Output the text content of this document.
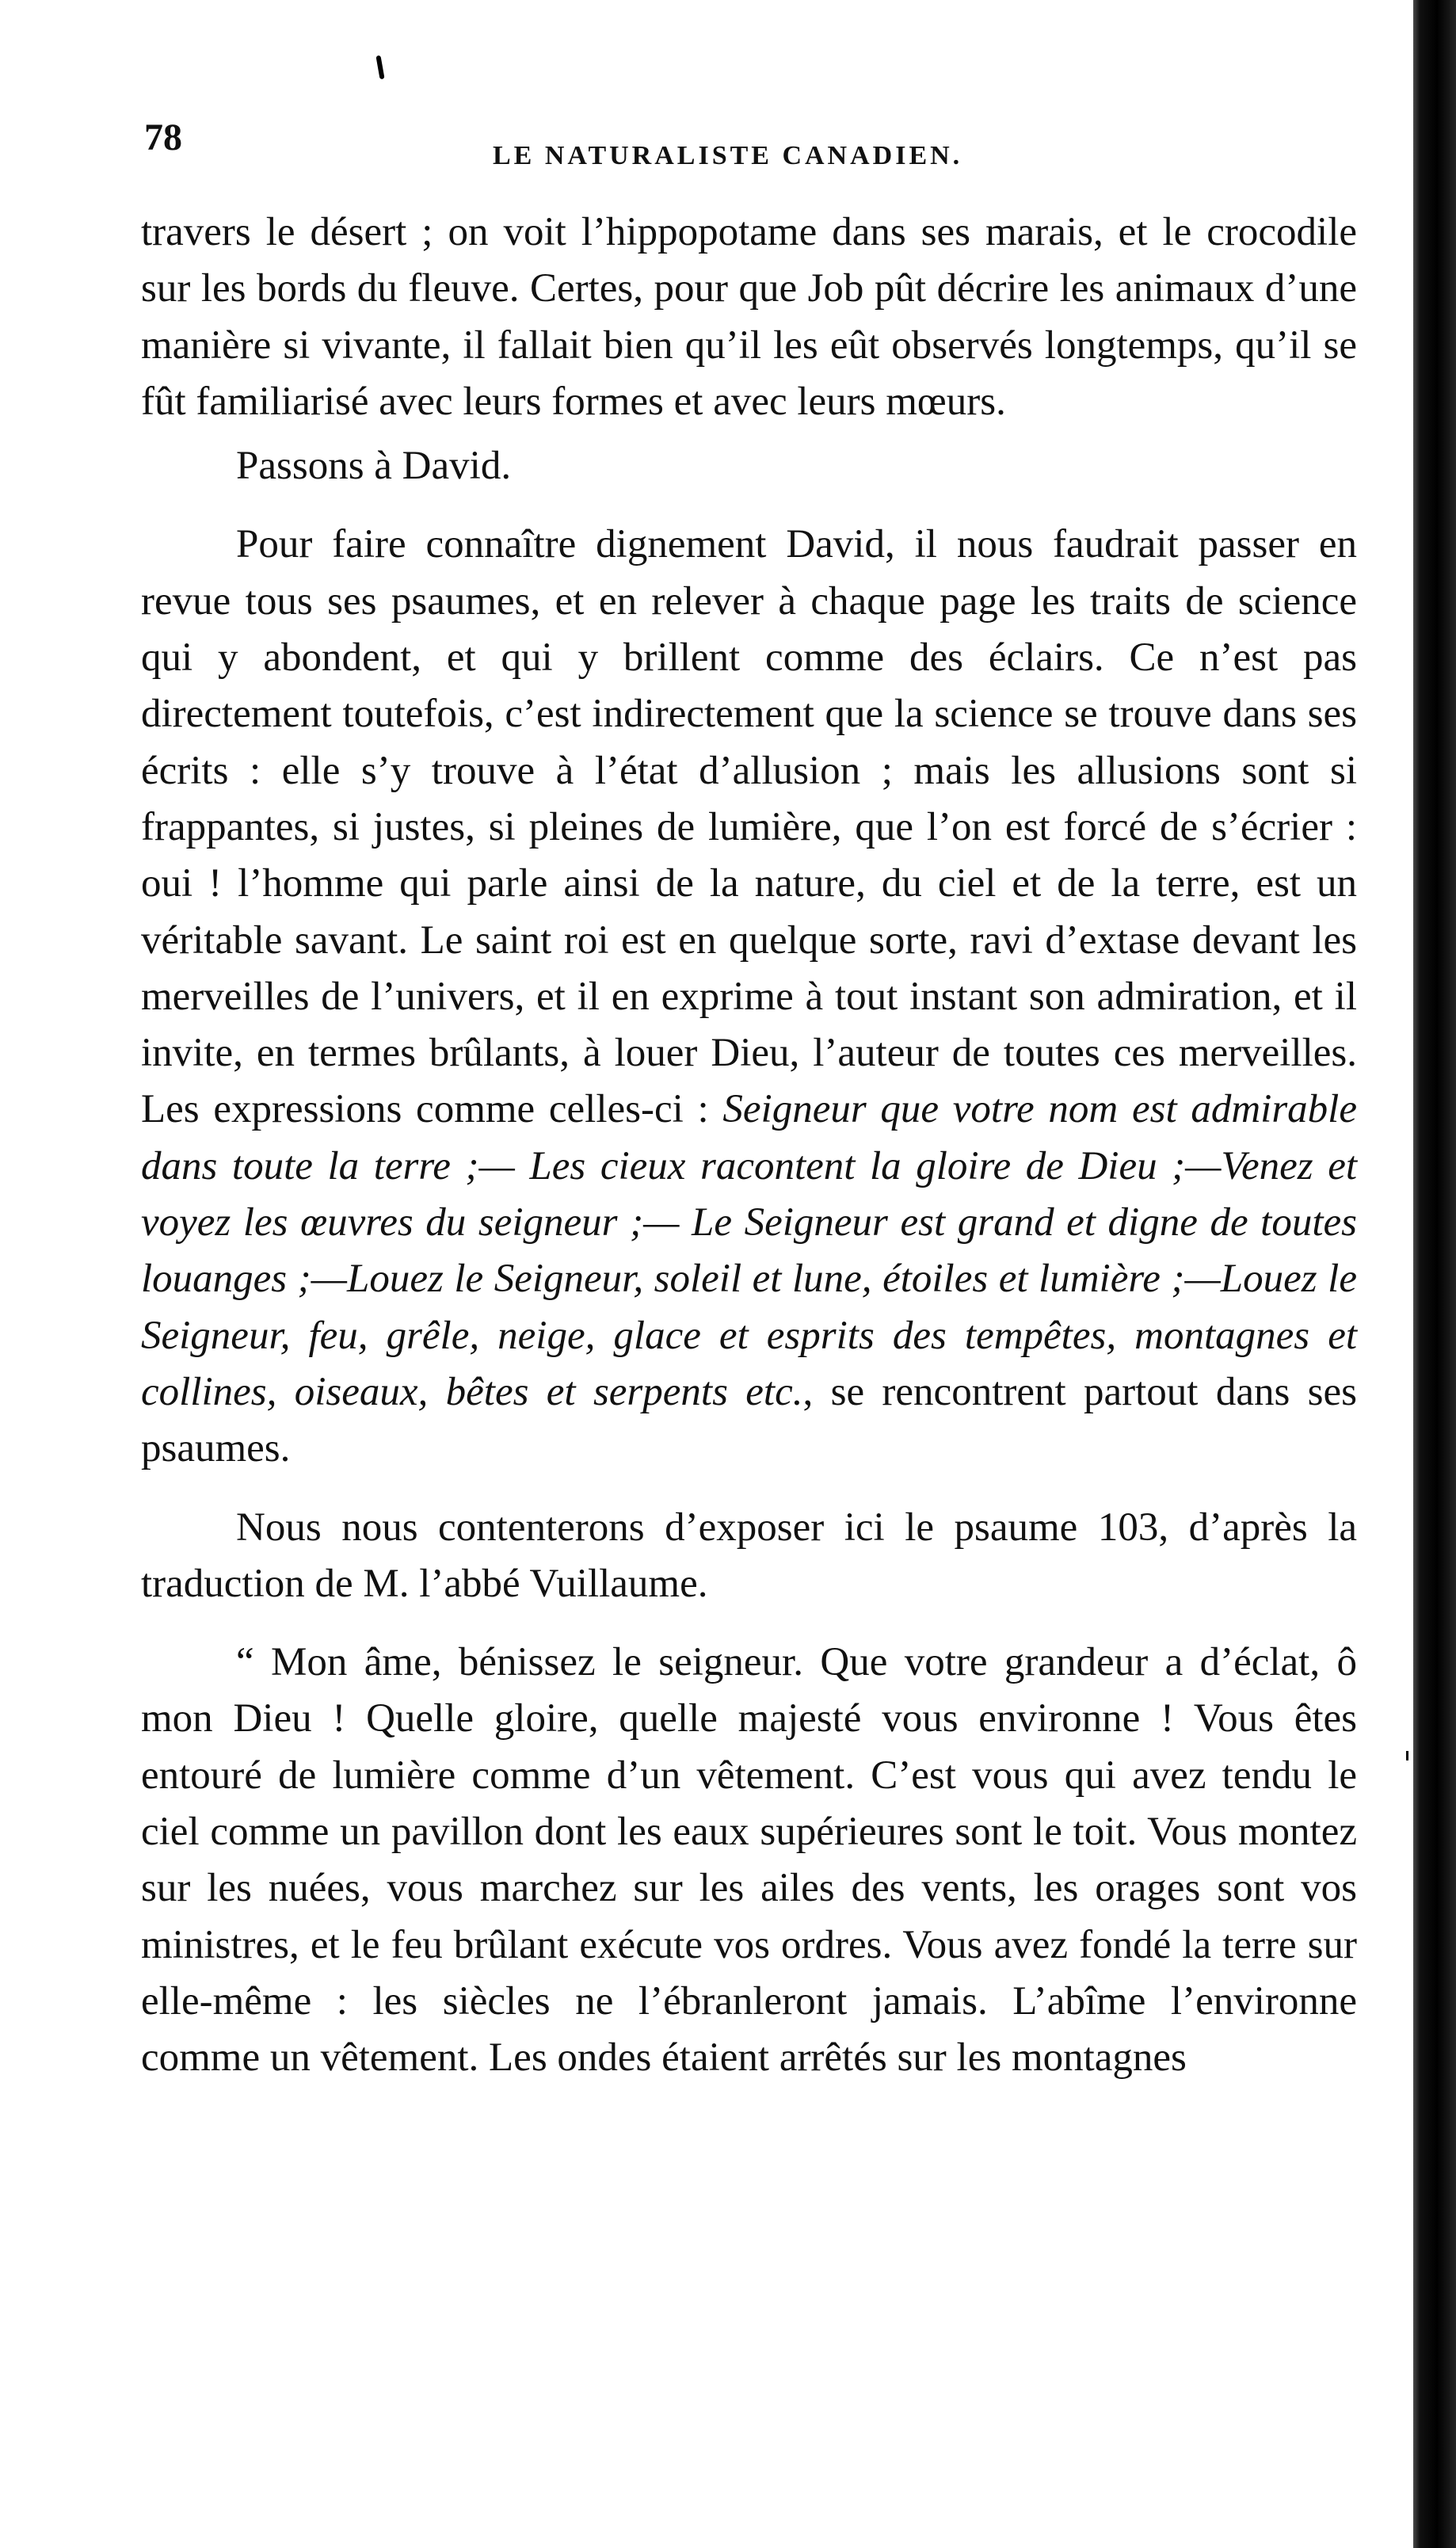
78	LE NATURALISTE CANADIEN.

travers le désert ; on voit l’hippopotame dans ses marais, et le crocodile sur les bords du fleuve. Certes, pour que Job pût décrire les animaux d’une manière si vivante, il fallait bien qu’il les eût observés longtemps, qu’il se fût familiarisé avec leurs formes et avec leurs mœurs.

Passons à David.

Pour faire connaître dignement David, il nous faudrait passer en revue tous ses psaumes, et en relever à chaque page les traits de science qui y abondent, et qui y brillent comme des éclairs. Ce n’est pas directement toutefois, c’est indirectement que la science se trouve dans ses écrits : elle s’y trouve à l’état d’allusion ; mais les allusions sont si frappantes, si justes, si pleines de lumière, que l’on est forcé de s’écrier : oui ! l’homme qui parle ainsi de la nature, du ciel et de la terre, est un véritable savant. Le saint roi est en quelque sorte, ravi d’extase devant les merveilles de l’univers, et il en exprime à tout instant son admiration, et il invite, en termes brûlants, à louer Dieu, l’auteur de toutes ces merveilles. Les expressions comme celles-ci : Seigneur que votre nom est admirable dans toute la terre ;— Les cieux racontent la gloire de Dieu ;—Venez et voyez les œuvres du seigneur ;— Le Seigneur est grand et digne de toutes louanges ;—Louez le Seigneur, soleil et lune, étoiles et lumière ;—Louez le Seigneur, feu, grêle, neige, glace et esprits des tempêtes, montagnes et collines, oiseaux, bêtes et serpents etc., se rencontrent partout dans ses psaumes.

Nous nous contenterons d’exposer ici le psaume 103, d’après la traduction de M. l’abbé Vuillaume.

“ Mon âme, bénissez le seigneur. Que votre grandeur a d’éclat, ô mon Dieu ! Quelle gloire, quelle majesté vous environne ! Vous êtes entouré de lumière comme d’un vêtement. C’est vous qui avez tendu le ciel comme un pavillon dont les eaux supérieures sont le toit. Vous montez sur les nuées, vous marchez sur les ailes des vents, les orages sont vos ministres, et le feu brûlant exécute vos ordres. Vous avez fondé la terre sur elle-même : les siècles ne l’ébranleront jamais. L’abîme l’environne comme un vêtement. Les ondes étaient arrêtés sur les montagnes
